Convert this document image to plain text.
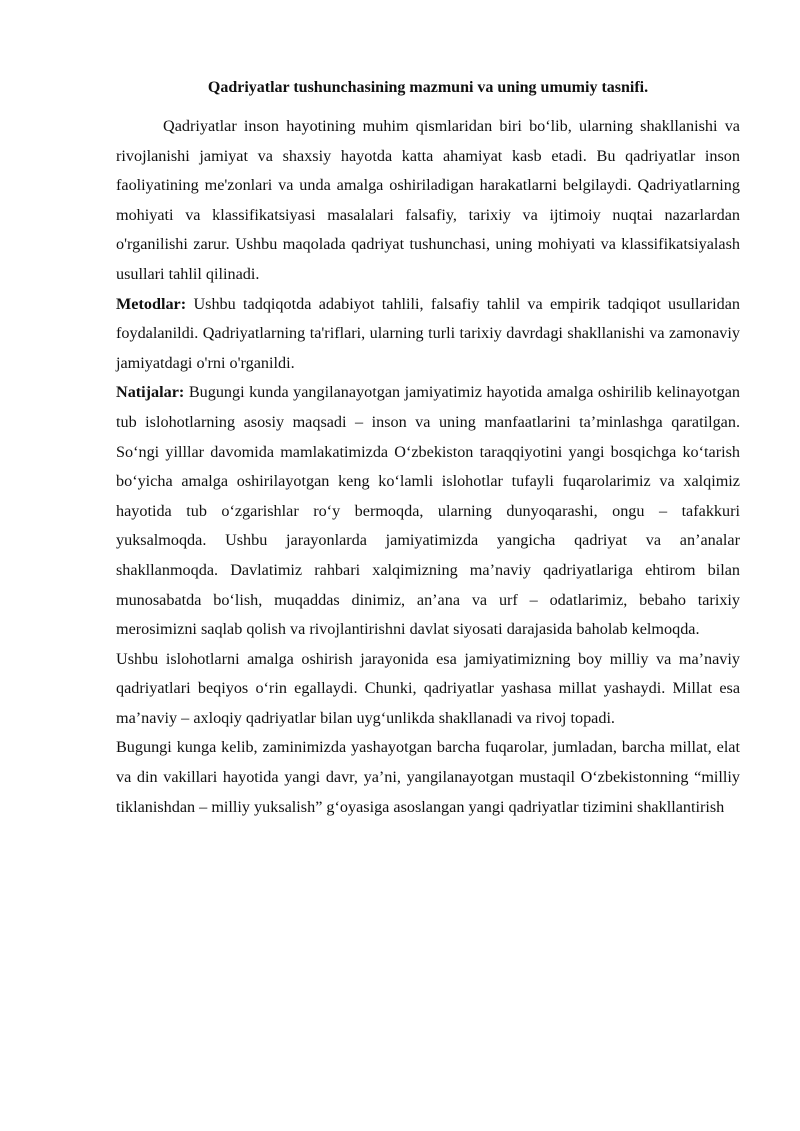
Qadriyatlar tushunchasining mazmuni va uning umumiy tasnifi.

Qadriyatlar inson hayotining muhim qismlaridan biri bo‘lib, ularning shakllanishi va rivojlanishi jamiyat va shaxsiy hayotda katta ahamiyat kasb etadi. Bu qadriyatlar inson faoliyatining me'zonlari va unda amalga oshiriladigan harakatlarni belgilaydi. Qadriyatlarning mohiyati va klassifikatsiyasi masalalari falsafiy, tarixiy va ijtimoiy nuqtai nazarlardan o'rganilishi zarur. Ushbu maqolada qadriyat tushunchasi, uning mohiyati va klassifikatsiyalash usullari tahlil qilinadi.

Metodlar: Ushbu tadqiqotda adabiyot tahlili, falsafiy tahlil va empirik tadqiqot usullaridan foydalanildi. Qadriyatlarning ta'riflari, ularning turli tarixiy davrdagi shakllanishi va zamonaviy jamiyatdagi o'rni o'rganildi.

Natijalar: Bugungi kunda yangilanayotgan jamiyatimiz hayotida amalga oshirilib kelinayotgan tub islohotlarning asosiy maqsadi – inson va uning manfaatlarini ta’minlashga qaratilgan. So‘ngi yilllar davomida mamlakatimizda O‘zbekiston taraqqiyotini yangi bosqichga ko‘tarish bo‘yicha amalga oshirilayotgan keng ko‘lamli islohotlar tufayli fuqarolarimiz va xalqimiz hayotida tub o‘zgarishlar ro‘y bermoqda, ularning dunyoqarashi, ongu – tafakkuri yuksalmoqda. Ushbu jarayonlarda jamiyatimizda yangicha qadriyat va an’analar shakllanmoqda. Davlatimiz rahbari xalqimizning ma’naviy qadriyatlariga ehtirom bilan munosabatda bo‘lish, muqaddas dinimiz, an’ana va urf – odatlarimiz, bebaho tarixiy merosimizni saqlab qolish va rivojlantirishni davlat siyosati darajasida baholab kelmoqda.

Ushbu islohotlarni amalga oshirish jarayonida esa jamiyatimizning boy milliy va ma’naviy qadriyatlari beqiyos o‘rin egallaydi. Chunki, qadriyatlar yashasa millat yashaydi. Millat esa ma’naviy – axloqiy qadriyatlar bilan uyg‘unlikda shakllanadi va rivoj topadi.

Bugungi kunga kelib, zaminimizda yashayotgan barcha fuqarolar, jumladan, barcha millat, elat va din vakillari hayotida yangi davr, ya’ni, yangilanayotgan mustaqil O‘zbekistonning “milliy tiklanishdan – milliy yuksalish” g‘oyasiga asoslangan yangi qadriyatlar tizimini shakllantirish
